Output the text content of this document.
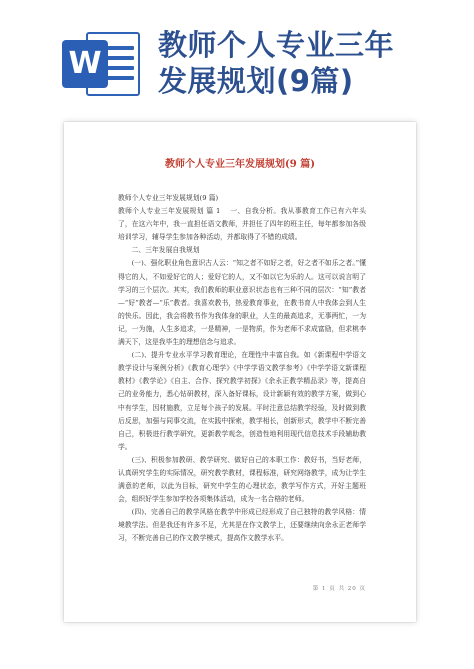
W
教师个人专业三年
发展规划(9篇)
教师个人专业三年发展规划(9 篇)

教师个人专业三年发展规划(9 篇)

教师个人专业三年发展规划 篇 1　 一、自我分析。我从事教育工作已有六年头了，在这六年中，我一直担任语文教师，并担任了四年的班主任，每年都参加各级培训学习，辅导学生参加各种活动，并都取得了不错的成绩。

二、三年发展自我规划

(一)、强化职业角色意识古人云：“知之者不如好之者，好之者不如乐之者。”懂得它的人，不如爱好它的人；爱好它的人，又不如以它为乐的人。这可以说言明了学习的三个层次。其实，我们教师的职业意识状态也有三种不同的层次：“知”教者—“好”教者—“乐”教者。我喜欢教书，热爱教育事业，在教书育人中我体会到人生的快乐。因此，我会将教书作为我体身的职业，人生的最高追求，无事两忙，一为记，一为施，人生多追求，一是精神，一是物质，作为老师不求成富励，但求桃李满天下，这是我毕生的理想信念与追求。

(二)、提升专业水平学习教育理论，在理性中丰富自我。如《新课程中学语文教学设计与案例分析》《教育心理学》《中学学语文教学参考》《中学学语文新课程教材》《教学论》《自主、合作、探究教学初探》《余永正教学精品录》等，提高自己的业务能力，悉心钻研教材，深入备好课标，设计新颖有效的教学方案，做到心中有学生，因材施教，立足每个孩子的发展。平时注意总结教学经验，及时做到教后反思，加强与同事交流，在实践中探索，教学相长，创新形式，教学中不断完善自己，积极进行教学研究，更新教学观念，创造性地利用现代信息技术手段辅助教学。

(三)、积极参加教研、教学研究、做好自己的本职工作：教好书，当好老师，认真研究学生的实际情况，研究教学教材，课程标准，研究网络教学，成为让学生满意的老师，以此为目标，研究中学生的心理状态，教学写作方式，开好主题班会，组织好学生参加学校各项集体活动，成为一名合格的老师。

(四)、完善自己的教学风格在教学中形成已经形成了自己独特的教学风格：情境教学法。但是我还有许多不足，尤其是在作文教学上，还要继续向余永正老师学习，不断完善自己的作文教学模式，提高作文教学水平。

第 1 页 共 20 页
